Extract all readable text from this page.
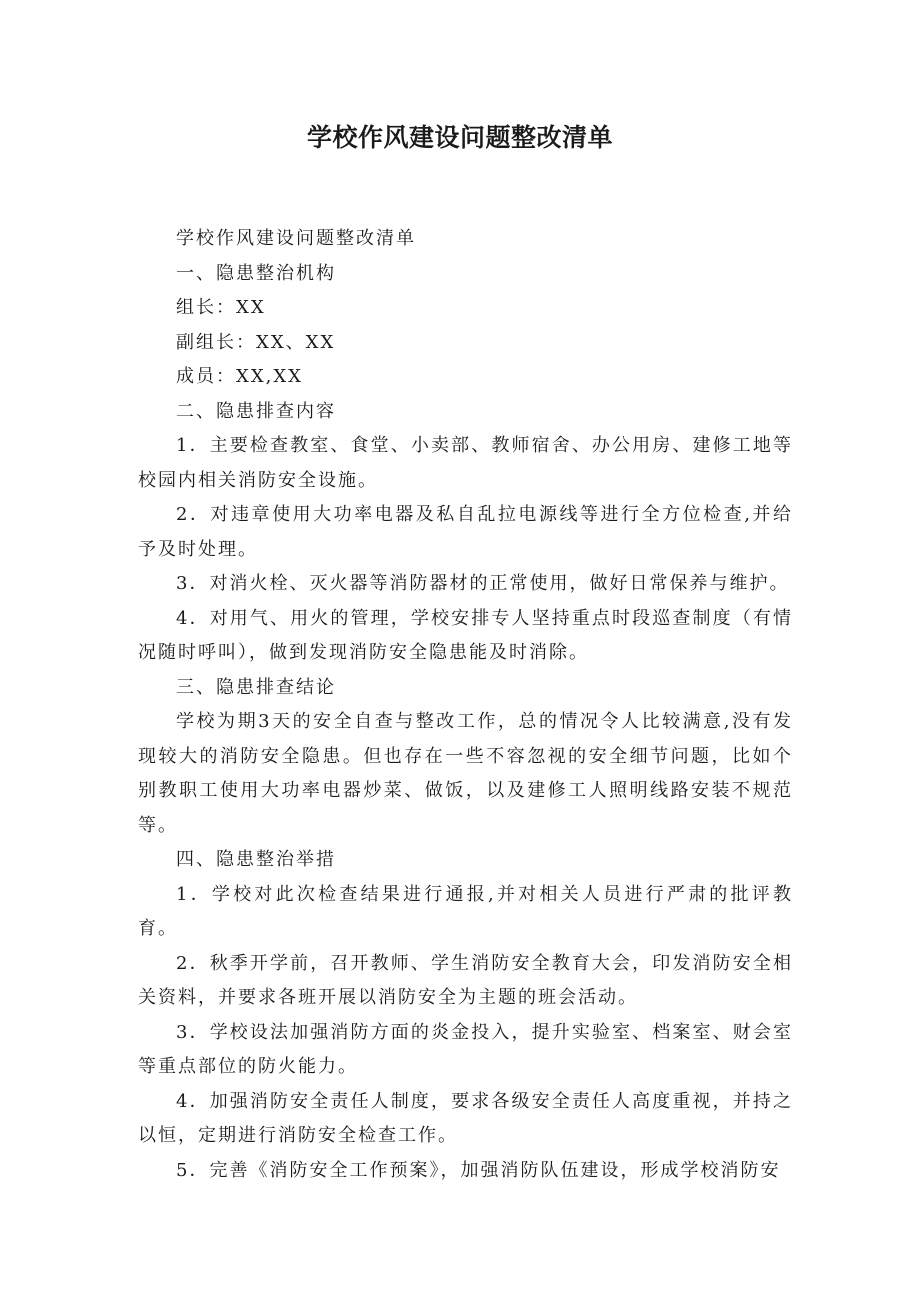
学校作风建设问题整改清单

学校作风建设问题整改清单

一、隐患整治机构

组长：XX

副组长：XX、XX

成员：XX,XX

二、隐患排查内容

1．主要检查教室、食堂、小卖部、教师宿舍、办公用房、建修工地等校园内相关消防安全设施。

2．对违章使用大功率电器及私自乱拉电源线等进行全方位检查,并给予及时处理。

3．对消火栓、灭火器等消防器材的正常使用，做好日常保养与维护。

4．对用气、用火的管理，学校安排专人坚持重点时段巡查制度（有情况随时呼叫），做到发现消防安全隐患能及时消除。

三、隐患排查结论

学校为期3天的安全自查与整改工作，总的情况令人比较满意,没有发现较大的消防安全隐患。但也存在一些不容忽视的安全细节问题，比如个别教职工使用大功率电器炒菜、做饭，以及建修工人照明线路安装不规范等。

四、隐患整治举措

1．学校对此次检查结果进行通报,并对相关人员进行严肃的批评教育。

2．秋季开学前，召开教师、学生消防安全教育大会，印发消防安全相关资料，并要求各班开展以消防安全为主题的班会活动。

3．学校设法加强消防方面的炎金投入，提升实验室、档案室、财会室等重点部位的防火能力。

4．加强消防安全责任人制度，要求各级安全责任人高度重视，并持之以恒，定期进行消防安全检查工作。

5．完善《消防安全工作预案》，加强消防队伍建设，形成学校消防安
